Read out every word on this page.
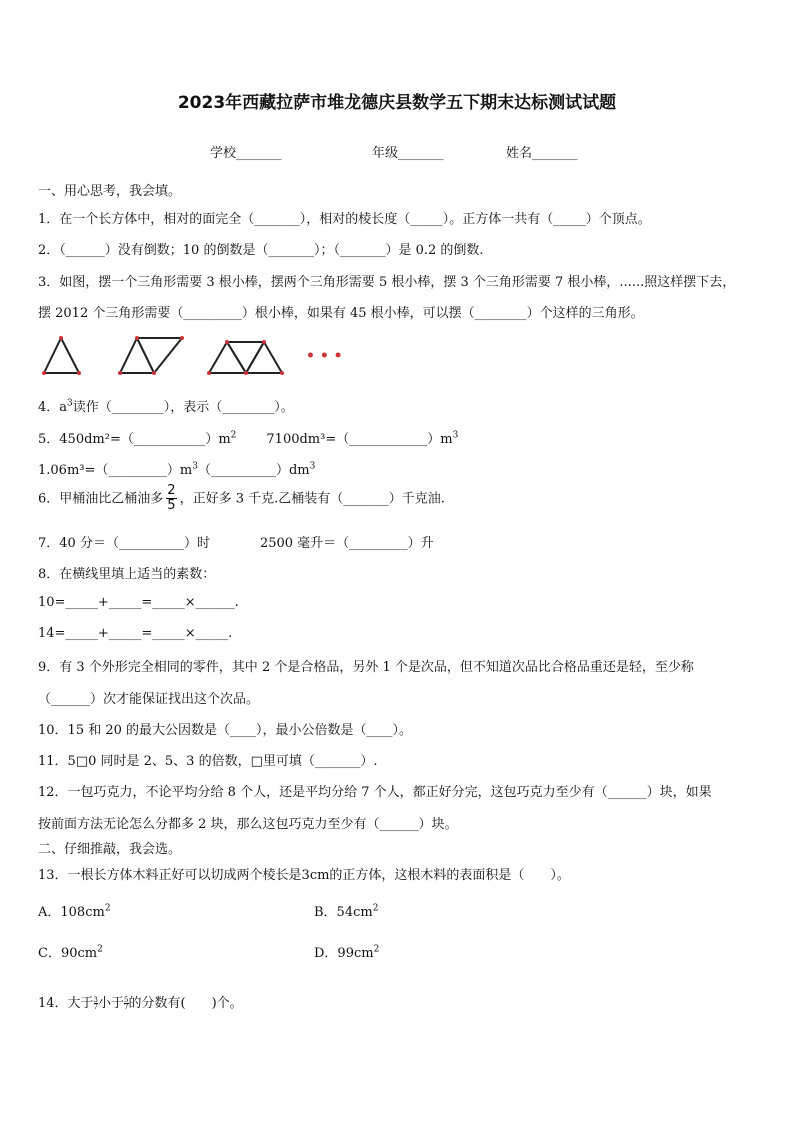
2023年西藏拉萨市堆龙德庆县数学五下期末达标测试试题
学校_______	年级_______	姓名_______
一、用心思考，我会填。
1．在一个长方体中，相对的面完全（_______），相对的棱长度（_____）。正方体一共有（_____）个顶点。
2．（______）没有倒数；10 的倒数是（_______）；（_______）是 0.2 的倒数.
3．如图，摆一个三角形需要 3 根小棒，摆两个三角形需要 5 根小棒，摆 3 个三角形需要 7 根小棒，......照这样摆下去，
摆 2012 个三角形需要（_________）根小棒，如果有 45 根小棒，可以摆（________）个这样的三角形。
• • •
4．$a^3$读作（________），表示（________）。
5．$450dm^2=(\_\_\_\_\_\_\_\_\_\_\_)m^2$ $7100dm^3=(\_\_\_\_\_\_\_\_\_\_\_\_)m^3$
$1.06m^3=(\_\_\_\_\_\_\_\_\_)m^3(\_\_\_\_\_\_\_\_\_\_)dm^3$
6．甲桶油比乙桶油多 $\frac{2}{5}$ ，正好多 3 千克.乙桶装有（_______）千克油.
7．40 分＝（__________）时	2500 毫升＝（_________）升
8．在横线里填上适当的素数：
10=_____+_____=_____×______.
14=_____+_____=_____×_____.
9．有 3 个外形完全相同的零件，其中 2 个是合格品，另外 1 个是次品，但不知道次品比合格品重还是轻，至少称
（______）次才能保证找出这个次品。
10．15 和 20 的最大公因数是（____），最小公倍数是（____）。
11．5□0 同时是 2、5、3 的倍数，□里可填（_______）.
12．一包巧克力，不论平均分给 8 个人，还是平均分给 7 个人，都正好分完，这包巧克力至少有（______）块，如果
按前面方法无论怎么分都多 2 块，那么这包巧克力至少有（______）块。
二、仔细推敲，我会选。
13．一根长方体木料正好可以切成两个棱长是3cm的正方体，这根木料的表面积是（　　）。
A．$108cm^2$	B．$54cm^2$
C．$90cm^2$	D．$99cm^2$
14．大于 $\frac{3}{7}$ 小于 $\frac{5}{7}$ 的分数有(　　)个。
